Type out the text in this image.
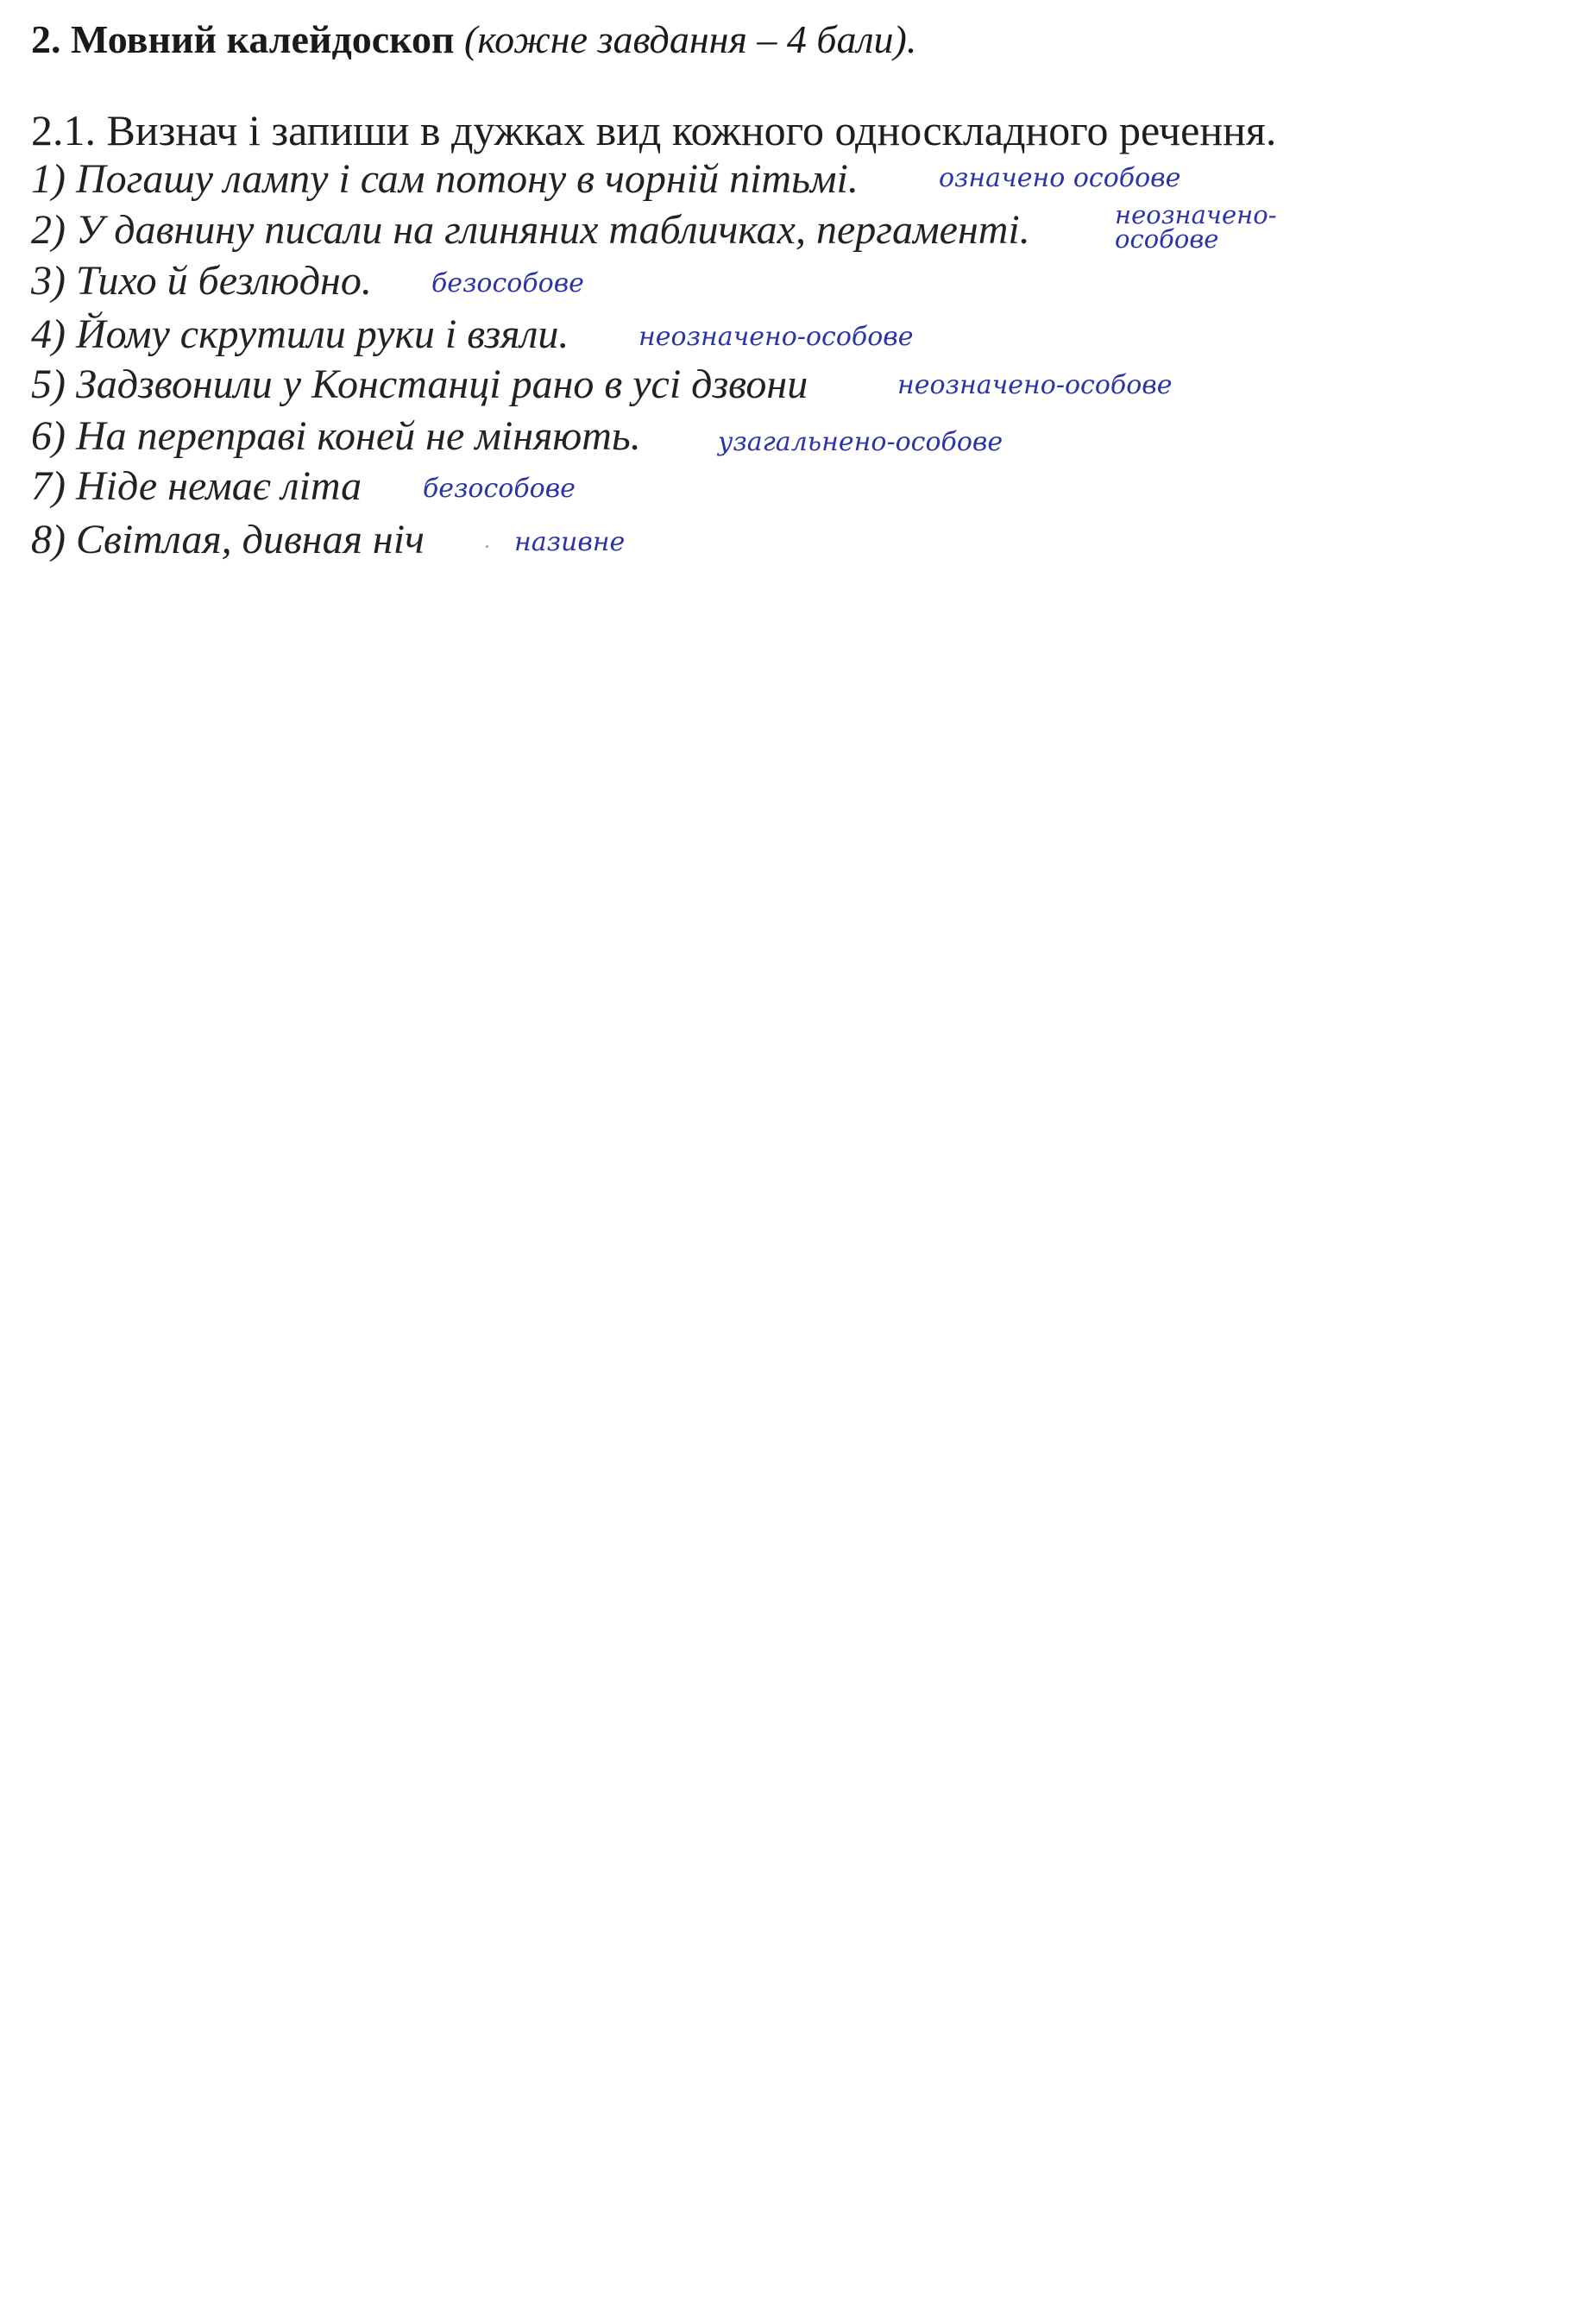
2. Мовний калейдоскоп (кожне завдання – 4 бали).
2.1. Визнач і запиши в дужках вид кожного односкладного речення.
1) Погашу лампу і сам потону в чорній пітьмі.	означено особове
2) У давнину писали на глиняних табличках, пергаменті.	неозначено-
особове
3) Тихо й безлюдно. безособове
4) Йому скрутили руки і взяли.	неозначено-особове
5) Задзвонили у Констанці рано в усі дзвони	неозначено-особове
6) На переправі коней не міняють.	узагальнено-особове
7) Ніде немає літа безособове
8) Світлая, дивная ніч	називне
